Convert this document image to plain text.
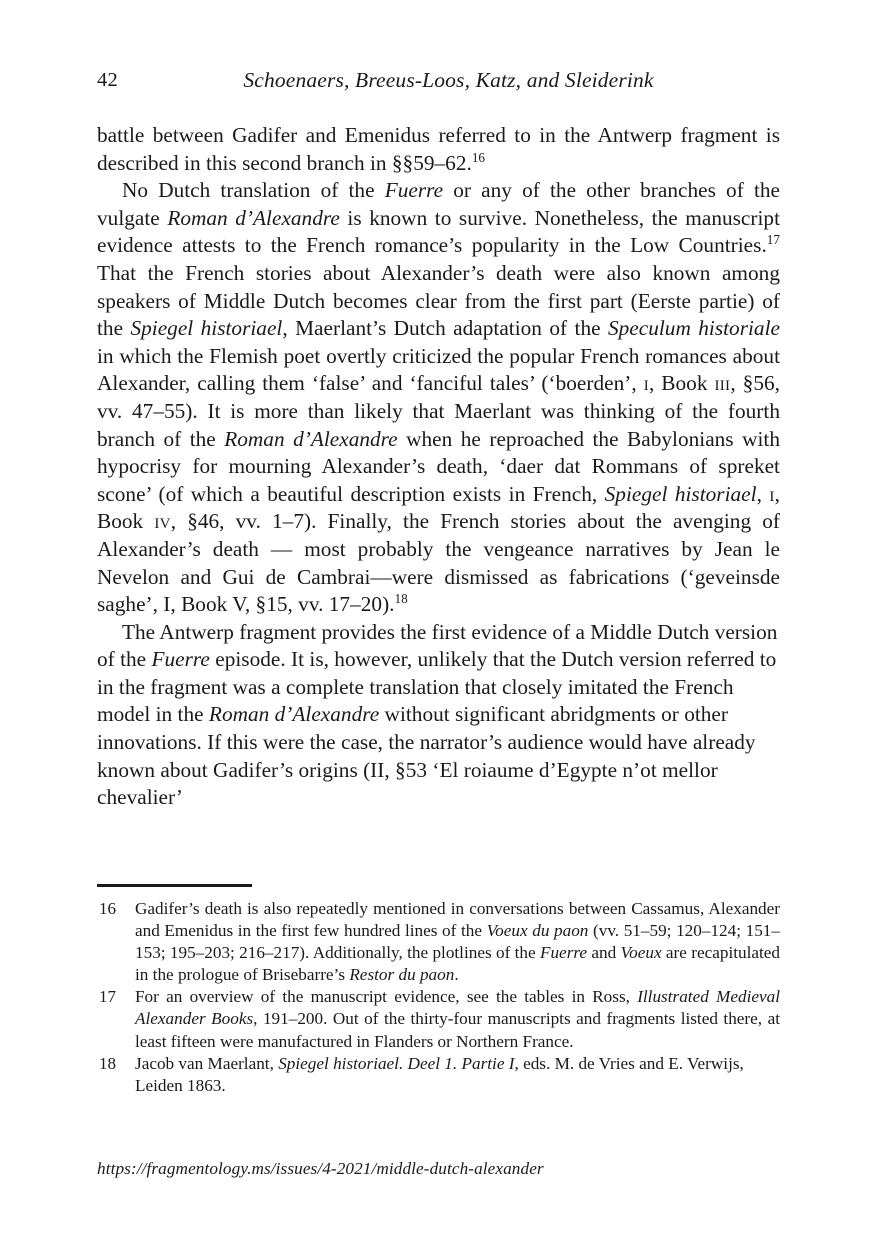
42	Schoenaers, Breeus-Loos, Katz, and Sleiderink

battle between Gadifer and Emenidus referred to in the Antwerp fragment is described in this second branch in §§59–62.16

No Dutch translation of the Fuerre or any of the other branches of the vulgate Roman d’Alexandre is known to survive. Nonetheless, the manuscript evidence attests to the French romance’s popularity in the Low Countries.$^{17}$ That the French stories about Alexander’s death were also known among speakers of Middle Dutch becomes clear from the first part (Eerste partie) of the Spiegel historiael, Maerlant’s Dutch adaptation of the Speculum historiale in which the Flemish poet overtly criticized the popular French romances about Alexander, calling them ‘false’ and ‘fanciful tales’ (‘boerden’, i, Book iii, §56, vv. 47–55). It is more than likely that Maerlant was thinking of the fourth branch of the Roman d’Alexandre when he reproached the Babylonians with hypocrisy for mourning Alexander’s death, ‘daer dat Rommans of spreket scone’ (of which a beautiful description exists in French, Spiegel historiael, i, Book iv, §46, vv. 1–7). Finally, the French stories about the avenging of Alexander’s death — most probably the vengeance narratives by Jean le Nevelon and Gui de Cambrai—were dismissed as fabrications (‘geveinsde saghe’, I, Book V, §15, vv. 17–20).$^{18}$

The Antwerp fragment provides the first evidence of a Middle Dutch version of the Fuerre episode. It is, however, unlikely that the Dutch version referred to in the fragment was a complete translation that closely imitated the French model in the Roman d’Alexandre without significant abridgments or other innovations. If this were the case, the narrator’s audience would have already known about Gadifer’s origins (II, §53 ‘El roiaume d’Egypte n’ot mellor chevalier’

16	Gadifer’s death is also repeatedly mentioned in conversations between Cassamus, Alexander and Emenidus in the first few hundred lines of the Voeux du paon (vv. 51–59; 120–124; 151–153; 195–203; 216–217). Additionally, the plotlines of the Fuerre and Voeux are recapitulated in the prologue of Brisebarre’s Restor du paon.
17	For an overview of the manuscript evidence, see the tables in Ross, Illustrated Medieval Alexander Books, 191–200. Out of the thirty-four manuscripts and fragments listed there, at least fifteen were manufactured in Flanders or Northern France.
18	Jacob van Maerlant, Spiegel historiael. Deel 1. Partie I, eds. M. de Vries and E. Verwijs, Leiden 1863.
https://fragmentology.ms/issues/4-2021/middle-dutch-alexander
